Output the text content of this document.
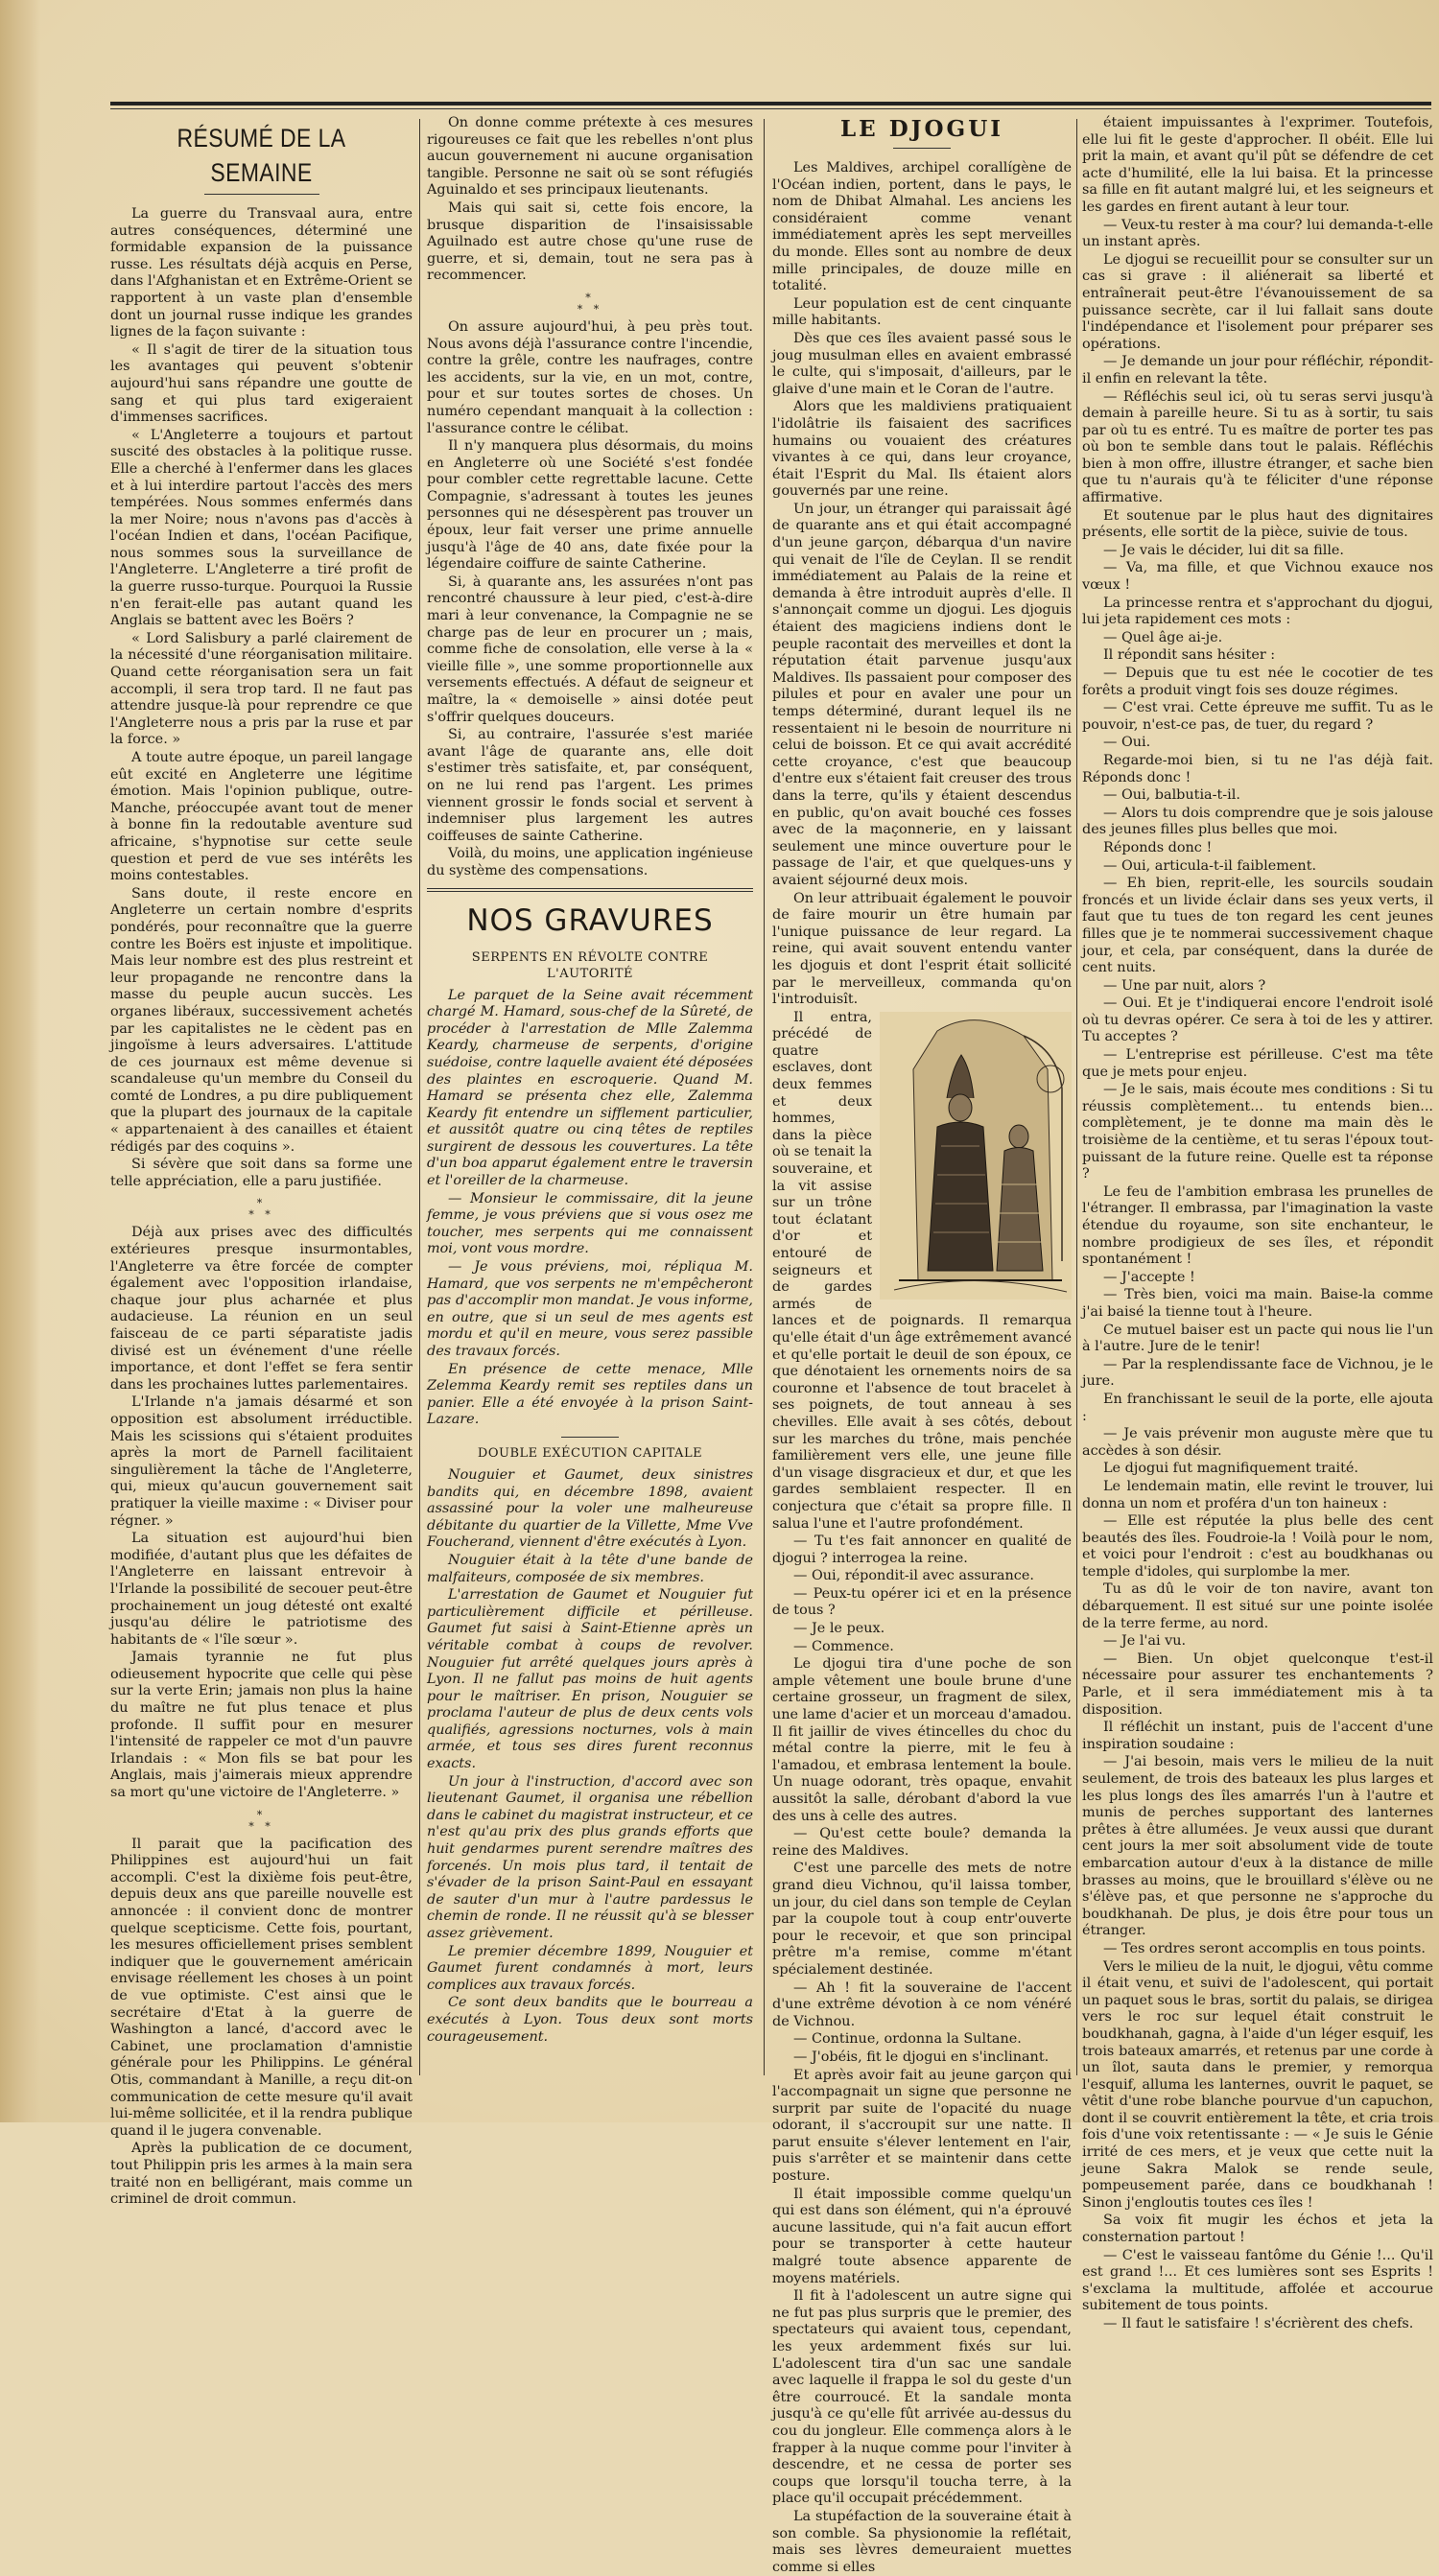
RÉSUMÉ DE LA SEMAINE

La guerre du Transvaal aura, entre autres conséquences, déterminé une formidable expansion de la puissance russe. Les résultats déjà acquis en Perse, dans l'Afghanistan et en Extrême-Orient se rapportent à un vaste plan d'ensemble dont un journal russe indique les grandes lignes de la façon suivante :

« Il s'agit de tirer de la situation tous les avantages qui peuvent s'obtenir aujourd'hui sans répandre une goutte de sang et qui plus tard exigeraient d'immenses sacrifices.

« L'Angleterre a toujours et partout suscité des obstacles à la politique russe. Elle a cherché à l'enfermer dans les glaces et à lui interdire partout l'accès des mers tempérées. Nous sommes enfermés dans la mer Noire; nous n'avons pas d'accès à l'océan Indien et dans, l'océan Pacifique, nous sommes sous la surveillance de l'Angleterre. L'Angleterre a tiré profit de la guerre russo-turque. Pourquoi la Russie n'en ferait-elle pas autant quand les Anglais se battent avec les Boërs ?

« Lord Salisbury a parlé clairement de la nécessité d'une réorganisation militaire. Quand cette réorganisation sera un fait accompli, il sera trop tard. Il ne faut pas attendre jusque-là pour reprendre ce que l'Angleterre nous a pris par la ruse et par la force. »

A toute autre époque, un pareil langage eût excité en Angleterre une légitime émotion. Mais l'opinion publique, outre-Manche, préoccupée avant tout de mener à bonne fin la redoutable aventure sud africaine, s'hypnotise sur cette seule question et perd de vue ses intérêts les moins contestables.

Sans doute, il reste encore en Angleterre un certain nombre d'esprits pondérés, pour reconnaître que la guerre contre les Boërs est injuste et impolitique. Mais leur nombre est des plus restreint et leur propagande ne rencontre dans la masse du peuple aucun succès. Les organes libéraux, successivement achetés par les capitalistes ne le cèdent pas en jingoïsme à leurs adversaires. L'attitude de ces journaux est même devenue si scandaleuse qu'un membre du Conseil du comté de Londres, a pu dire publiquement que la plupart des journaux de la capitale « appartenaient à des canailles et étaient rédigés par des coquins ».

Si sévère que soit dans sa forme une telle appréciation, elle a paru justifiée.

*
* *

Déjà aux prises avec des difficultés extérieures presque insurmontables, l'Angleterre va être forcée de compter également avec l'opposition irlandaise, chaque jour plus acharnée et plus audacieuse. La réunion en un seul faisceau de ce parti séparatiste jadis divisé est un événement d'une réelle importance, et dont l'effet se fera sentir dans les prochaines luttes parlementaires.

L'Irlande n'a jamais désarmé et son opposition est absolument irréductible. Mais les scissions qui s'étaient produites après la mort de Parnell facilitaient singulièrement la tâche de l'Angleterre, qui, mieux qu'aucun gouvernement sait pratiquer la vieille maxime : « Diviser pour régner. »

La situation est aujourd'hui bien modifiée, d'autant plus que les défaites de l'Angleterre en laissant entrevoir à l'Irlande la possibilité de secouer peut-être prochainement un joug détesté ont exalté jusqu'au délire le patriotisme des habitants de « l'île sœur ».

Jamais tyrannie ne fut plus odieusement hypocrite que celle qui pèse sur la verte Erin; jamais non plus la haine du maître ne fut plus tenace et plus profonde. Il suffit pour en mesurer l'intensité de rappeler ce mot d'un pauvre Irlandais : « Mon fils se bat pour les Anglais, mais j'aimerais mieux apprendre sa mort qu'une victoire de l'Angleterre. »

*
* *

Il parait que la pacification des Philippines est aujourd'hui un fait accompli. C'est la dixième fois peut-être, depuis deux ans que pareille nouvelle est annoncée : il convient donc de montrer quelque scepticisme. Cette fois, pourtant, les mesures officiellement prises semblent indiquer que le gouvernement américain envisage réellement les choses à un point de vue optimiste. C'est ainsi que le secrétaire d'Etat à la guerre de Washington a lancé, d'accord avec le Cabinet, une proclamation d'amnistie générale pour les Philippins. Le général Otis, commandant à Manille, a reçu dit-on communication de cette mesure qu'il avait lui-même sollicitée, et il la rendra publique quand il le jugera convenable.

Après la publication de ce document, tout Philippin pris les armes à la main sera traité non en belligérant, mais comme un criminel de droit commun.

On donne comme prétexte à ces mesures rigoureuses ce fait que les rebelles n'ont plus aucun gouvernement ni aucune organisation tangible. Personne ne sait où se sont réfugiés Aguinaldo et ses principaux lieutenants.

Mais qui sait si, cette fois encore, la brusque disparition de l'insaisissable Aguilnado est autre chose qu'une ruse de guerre, et si, demain, tout ne sera pas à recommencer.

*
* *

On assure aujourd'hui, à peu près tout. Nous avons déjà l'assurance contre l'incendie, contre la grêle, contre les naufrages, contre les accidents, sur la vie, en un mot, contre, pour et sur toutes sortes de choses. Un numéro cependant manquait à la collection : l'assurance contre le célibat.

Il n'y manquera plus désormais, du moins en Angleterre où une Société s'est fondée pour combler cette regrettable lacune. Cette Compagnie, s'adressant à toutes les jeunes personnes qui ne désespèrent pas trouver un époux, leur fait verser une prime annuelle jusqu'à l'âge de 40 ans, date fixée pour la légendaire coiffure de sainte Catherine.

Si, à quarante ans, les assurées n'ont pas rencontré chaussure à leur pied, c'est-à-dire mari à leur convenance, la Compagnie ne se charge pas de leur en procurer un ; mais, comme fiche de consolation, elle verse à la « vieille fille », une somme proportionnelle aux versements effectués. A défaut de seigneur et maître, la « demoiselle » ainsi dotée peut s'offrir quelques douceurs.

Si, au contraire, l'assurée s'est mariée avant l'âge de quarante ans, elle doit s'estimer très satisfaite, et, par conséquent, on ne lui rend pas l'argent. Les primes viennent grossir le fonds social et servent à indemniser plus largement les autres coiffeuses de sainte Catherine.

Voilà, du moins, une application ingénieuse du système des compensations.

NOS GRAVURES
SERPENTS EN RÉVOLTE CONTRE L'AUTORITÉ

Le parquet de la Seine avait récemment chargé M. Hamard, sous-chef de la Sûreté, de procéder à l'arrestation de Mlle Zalemma Keardy, charmeuse de serpents, d'origine suédoise, contre laquelle avaient été déposées des plaintes en escroquerie. Quand M. Hamard se présenta chez elle, Zalemma Keardy fit entendre un sifflement particulier, et aussitôt quatre ou cinq têtes de reptiles surgirent de dessous les couvertures. La tête d'un boa apparut également entre le traversin et l'oreiller de la charmeuse.

— Monsieur le commissaire, dit la jeune femme, je vous préviens que si vous osez me toucher, mes serpents qui me connaissent moi, vont vous mordre.

— Je vous préviens, moi, répliqua M. Hamard, que vos serpents ne m'empêcheront pas d'accomplir mon mandat. Je vous informe, en outre, que si un seul de mes agents est mordu et qu'il en meure, vous serez passible des travaux forcés.

En présence de cette menace, Mlle Zelemma Keardy remit ses reptiles dans un panier. Elle a été envoyée à la prison Saint-Lazare.

DOUBLE EXÉCUTION CAPITALE

Nouguier et Gaumet, deux sinistres bandits qui, en décembre 1898, avaient assassiné pour la voler une malheureuse débitante du quartier de la Villette, Mme Vve Foucherand, viennent d'être exécutés à Lyon.

Nouguier était à la tête d'une bande de malfaiteurs, composée de six membres.

L'arrestation de Gaumet et Nouguier fut particulièrement difficile et périlleuse. Gaumet fut saisi à Saint-Etienne après un véritable combat à coups de revolver. Nouguier fut arrêté quelques jours après à Lyon. Il ne fallut pas moins de huit agents pour le maîtriser. En prison, Nouguier se proclama l'auteur de plus de deux cents vols qualifiés, agressions nocturnes, vols à main armée, et tous ses dires furent reconnus exacts.

Un jour à l'instruction, d'accord avec son lieutenant Gaumet, il organisa une rébellion dans le cabinet du magistrat instructeur, et ce n'est qu'au prix des plus grands efforts que huit gendarmes purent serendre maîtres des forcenés. Un mois plus tard, il tentait de s'évader de la prison Saint-Paul en essayant de sauter d'un mur à l'autre pardessus le chemin de ronde. Il ne réussit qu'à se blesser assez grièvement.

Le premier décembre 1899, Nouguier et Gaumet furent condamnés à mort, leurs complices aux travaux forcés.

Ce sont deux bandits que le bourreau a exécutés à Lyon. Tous deux sont morts courageusement.

LE DJOGUI

Les Maldives, archipel corallígène de l'Océan indien, portent, dans le pays, le nom de Dhibat Almahal. Les anciens les considéraient comme venant immédiatement après les sept merveilles du monde. Elles sont au nombre de deux mille principales, de douze mille en totalité.

Leur population est de cent cinquante mille habitants.

Dès que ces îles avaient passé sous le joug musulman elles en avaient embrassé le culte, qui s'imposait, d'ailleurs, par le glaive d'une main et le Coran de l'autre.

Alors que les maldiviens pratiquaient l'idolâtrie ils faisaient des sacrifices humains ou vouaient des créatures vivantes à ce qui, dans leur croyance, était l'Esprit du Mal. Ils étaient alors gouvernés par une reine.

Un jour, un étranger qui paraissait âgé de quarante ans et qui était accompagné d'un jeune garçon, débarqua d'un navire qui venait de l'île de Ceylan. Il se rendit immédiatement au Palais de la reine et demanda à être introduit auprès d'elle. Il s'annonçait comme un djogui. Les djoguis étaient des magiciens indiens dont le peuple racontait des merveilles et dont la réputation était parvenue jusqu'aux Maldives. Ils passaient pour composer des pilules et pour en avaler une pour un temps déterminé, durant lequel ils ne ressentaient ni le besoin de nourriture ni celui de boisson. Et ce qui avait accrédité cette croyance, c'est que beaucoup d'entre eux s'étaient fait creuser des trous dans la terre, qu'ils y étaient descendus en public, qu'on avait bouché ces fosses avec de la maçonnerie, en y laissant seulement une mince ouverture pour le passage de l'air, et que quelques-uns y avaient séjourné deux mois.

On leur attribuait également le pouvoir de faire mourir un être humain par l'unique puissance de leur regard. La reine, qui avait souvent entendu vanter les djoguis et dont l'esprit était sollicité par le merveilleux, commanda qu'on l'introduisît.

Il entra, précédé de quatre esclaves, dont deux femmes et deux hommes, dans la pièce où se tenait la souveraine, et la vit assise sur un trône tout éclatant d'or et entouré de seigneurs et de gardes armés de lances et de poignards. Il remarqua qu'elle était d'un âge extrêmement avancé et qu'elle portait le deuil de son époux, ce que dénotaient les ornements noirs de sa couronne et l'absence de tout bracelet à ses poignets, de tout anneau à ses chevilles. Elle avait à ses côtés, debout sur les marches du trône, mais penchée familièrement vers elle, une jeune fille d'un visage disgracieux et dur, et que les gardes semblaient respecter. Il en conjectura que c'était sa propre fille. Il salua l'une et l'autre profondément.

— Tu t'es fait annoncer en qualité de djogui ? interrogea la reine.

— Oui, répondit-il avec assurance.

— Peux-tu opérer ici et en la présence de tous ?

— Je le peux.

— Commence.

Le djogui tira d'une poche de son ample vêtement une boule brune d'une certaine grosseur, un fragment de silex, une lame d'acier et un morceau d'amadou. Il fit jaillir de vives étincelles du choc du métal contre la pierre, mit le feu à l'amadou, et embrasa lentement la boule. Un nuage odorant, très opaque, envahit aussitôt la salle, dérobant d'abord la vue des uns à celle des autres.

— Qu'est cette boule? demanda la reine des Maldives.

C'est une parcelle des mets de notre grand dieu Vichnou, qu'il laissa tomber, un jour, du ciel dans son temple de Ceylan par la coupole tout à coup entr'ouverte pour le recevoir, et que son principal prêtre m'a remise, comme m'étant spécialement destinée.

— Ah ! fit la souveraine de l'accent d'une extrême dévotion à ce nom vénéré de Vichnou.

— Continue, ordonna la Sultane.

— J'obéis, fit le djogui en s'inclinant.

Et après avoir fait au jeune garçon qui l'accompagnait un signe que personne ne surprit par suite de l'opacité du nuage odorant, il s'accroupit sur une natte. Il parut ensuite s'élever lentement en l'air, puis s'arrêter et se maintenir dans cette posture.

Il était impossible comme quelqu'un qui est dans son élément, qui n'a éprouvé aucune lassitude, qui n'a fait aucun effort pour se transporter à cette hauteur malgré toute absence apparente de moyens matériels.

Il fit à l'adolescent un autre signe qui ne fut pas plus surpris que le premier, des spectateurs qui avaient tous, cependant, les yeux ardemment fixés sur lui. L'adolescent tira d'un sac une sandale avec laquelle il frappa le sol du geste d'un être courroucé. Et la sandale monta jusqu'à ce qu'elle fût arrivée au-dessus du cou du jongleur. Elle commença alors à le frapper à la nuque comme pour l'inviter à descendre, et ne cessa de porter ses coups que lorsqu'il toucha terre, à la place qu'il occupait précédemment.

La stupéfaction de la souveraine était à son comble. Sa physionomie la reflétait, mais ses lèvres demeuraient muettes comme si elles

étaient impuissantes à l'exprimer. Toutefois, elle lui fit le geste d'approcher. Il obéit. Elle lui prit la main, et avant qu'il pût se défendre de cet acte d'humilité, elle la lui baisa. Et la princesse sa fille en fit autant malgré lui, et les seigneurs et les gardes en firent autant à leur tour.

— Veux-tu rester à ma cour? lui demanda-t-elle un instant après.

Le djogui se recueillit pour se consulter sur un cas si grave : il aliénerait sa liberté et entraînerait peut-être l'évanouissement de sa puissance secrète, car il lui fallait sans doute l'indépendance et l'isolement pour préparer ses opérations.

— Je demande un jour pour réfléchir, répondit-il enfin en relevant la tête.

— Réfléchis seul ici, où tu seras servi jusqu'à demain à pareille heure. Si tu as à sortir, tu sais par où tu es entré. Tu es maître de porter tes pas où bon te semble dans tout le palais. Réfléchis bien à mon offre, illustre étranger, et sache bien que tu n'aurais qu'à te féliciter d'une réponse affirmative.

Et soutenue par le plus haut des dignitaires présents, elle sortit de la pièce, suivie de tous.

— Je vais le décider, lui dit sa fille.

— Va, ma fille, et que Vichnou exauce nos vœux !

La princesse rentra et s'approchant du djogui, lui jeta rapidement ces mots :

— Quel âge ai-je.

Il répondit sans hésiter :

— Depuis que tu est née le cocotier de tes forêts a produit vingt fois ses douze régimes.

— C'est vrai. Cette épreuve me suffit. Tu as le pouvoir, n'est-ce pas, de tuer, du regard ?

— Oui.

Regarde-moi bien, si tu ne l'as déjà fait. Réponds donc !

— Oui, balbutia-t-il.

— Alors tu dois comprendre que je sois jalouse des jeunes filles plus belles que moi.

Réponds donc !

— Oui, articula-t-il faiblement.

— Eh bien, reprit-elle, les sourcils soudain froncés et un livide éclair dans ses yeux verts, il faut que tu tues de ton regard les cent jeunes filles que je te nommerai successivement chaque jour, et cela, par conséquent, dans la durée de cent nuits.

— Une par nuit, alors ?

— Oui. Et je t'indiquerai encore l'endroit isolé où tu devras opérer. Ce sera à toi de les y attirer. Tu acceptes ?

— L'entreprise est périlleuse. C'est ma tête que je mets pour enjeu.

— Je le sais, mais écoute mes conditions : Si tu réussis complètement... tu entends bien... complètement, je te donne ma main dès le troisième de la centième, et tu seras l'époux tout-puissant de la future reine. Quelle est ta réponse ?

Le feu de l'ambition embrasa les prunelles de l'étranger. Il embrassa, par l'imagination la vaste étendue du royaume, son site enchanteur, le nombre prodigieux de ses îles, et répondit spontanément !

— J'accepte !

— Très bien, voici ma main. Baise-la comme j'ai baisé la tienne tout à l'heure.

Ce mutuel baiser est un pacte qui nous lie l'un à l'autre. Jure de le tenir!

— Par la resplendissante face de Vichnou, je le jure.

En franchissant le seuil de la porte, elle ajouta :

— Je vais prévenir mon auguste mère que tu accèdes à son désir.

Le djogui fut magnifiquement traité.

Le lendemain matin, elle revint le trouver, lui donna un nom et proféra d'un ton haineux :

— Elle est réputée la plus belle des cent beautés des îles. Foudroie-la ! Voilà pour le nom, et voici pour l'endroit : c'est au boudkhanas ou temple d'idoles, qui surplombe la mer.

Tu as dû le voir de ton navire, avant ton débarquement. Il est situé sur une pointe isolée de la terre ferme, au nord.

— Je l'ai vu.

— Bien. Un objet quelconque t'est-il nécessaire pour assurer tes enchantements ? Parle, et il sera immédiatement mis à ta disposition.

Il réfléchit un instant, puis de l'accent d'une inspiration soudaine :

— J'ai besoin, mais vers le milieu de la nuit seulement, de trois des bateaux les plus larges et les plus longs des îles amarrés l'un à l'autre et munis de perches supportant des lanternes prêtes à être allumées. Je veux aussi que durant cent jours la mer soit absolument vide de toute embarcation autour d'eux à la distance de mille brasses au moins, que le brouillard s'élève ou ne s'élève pas, et que personne ne s'approche du boudkhanah. De plus, je dois être pour tous un étranger.

— Tes ordres seront accomplis en tous points.

Vers le milieu de la nuit, le djogui, vêtu comme il était venu, et suivi de l'adolescent, qui portait un paquet sous le bras, sortit du palais, se dirigea vers le roc sur lequel était construit le boudkhanah, gagna, à l'aide d'un léger esquif, les trois bateaux amarrés, et retenus par une corde à un îlot, sauta dans le premier, y remorqua l'esquif, alluma les lanternes, ouvrit le paquet, se vêtit d'une robe blanche pourvue d'un capuchon, dont il se couvrit entièrement la tête, et cria trois fois d'une voix retentissante : — « Je suis le Génie irrité de ces mers, et je veux que cette nuit la jeune Sakra Malok se rende seule, pompeusement parée, dans ce boudkhanah ! Sinon j'engloutis toutes ces îles !

Sa voix fit mugir les échos et jeta la consternation partout !

— C'est le vaisseau fantôme du Génie !... Qu'il est grand !... Et ces lumières sont ses Esprits ! s'exclama la multitude, affolée et accourue subitement de tous points.

— Il faut le satisfaire ! s'écrièrent des chefs.
